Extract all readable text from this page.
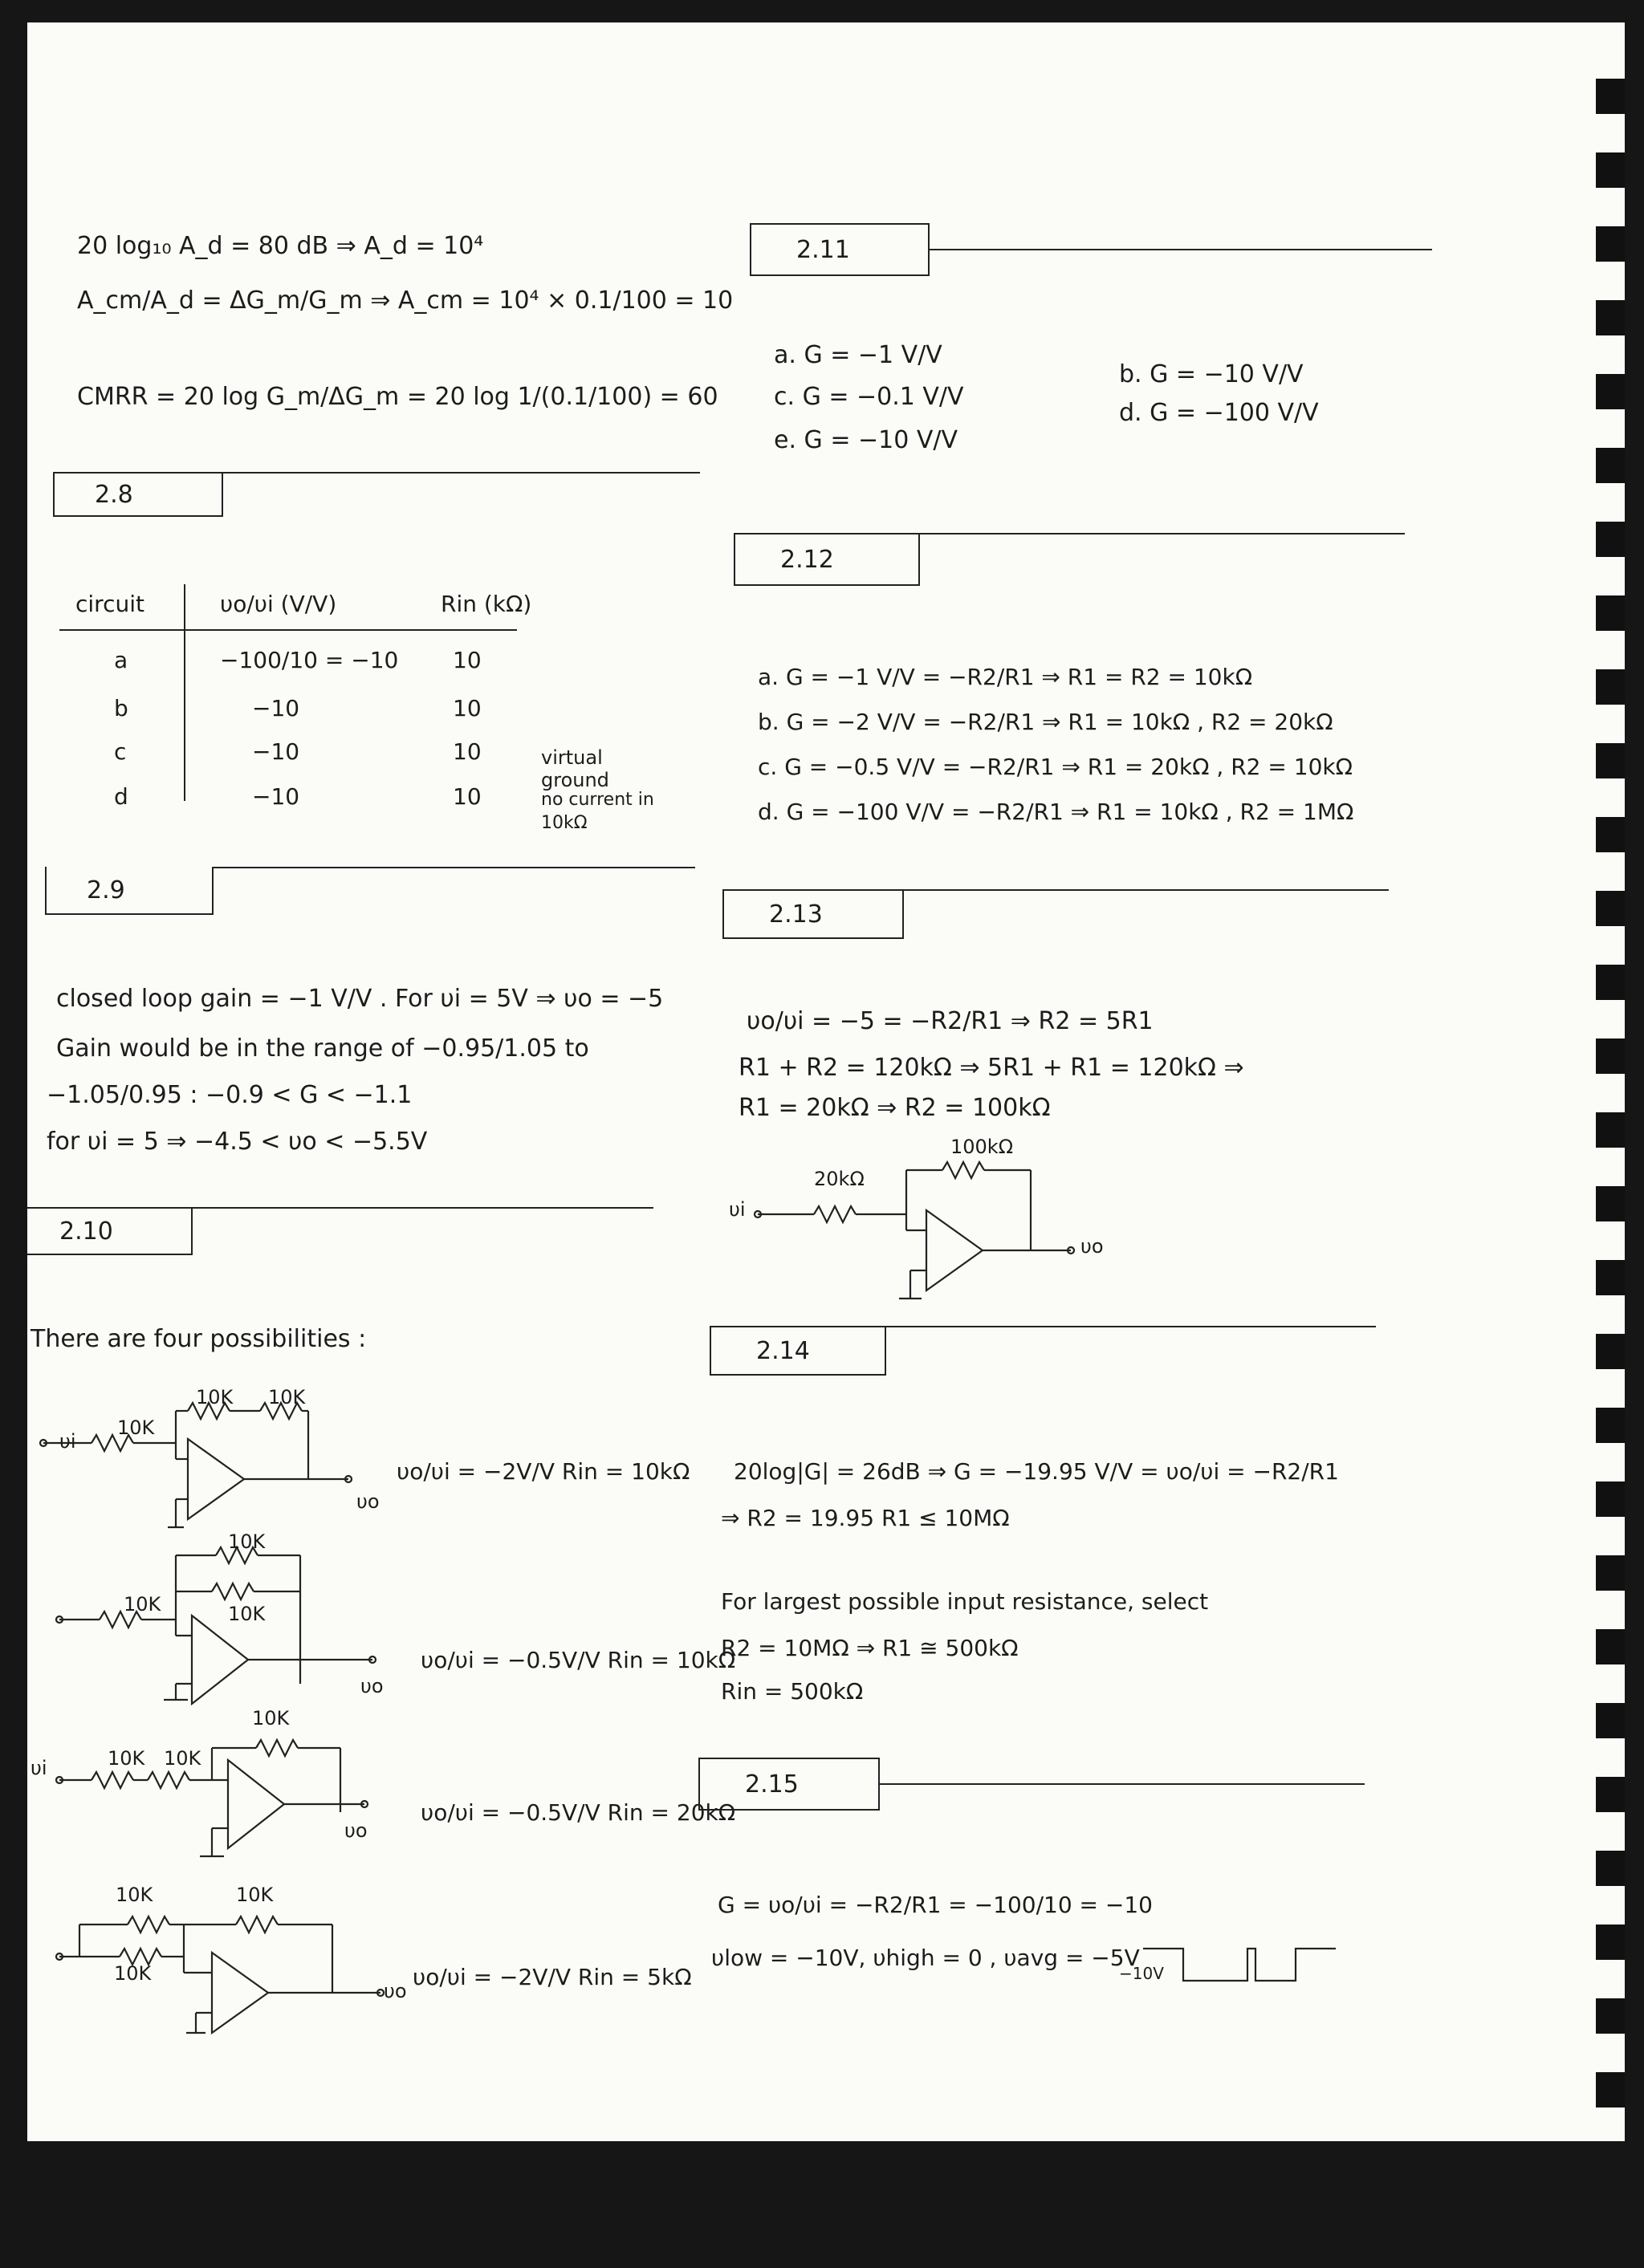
20 log₁₀ A_d = 80 dB ⇒ A_d = 10⁴
A_cm/A_d = ΔG_m/G_m ⇒ A_cm = 10⁴ × 0.1/100 = 10
CMRR = 20 log G_m/ΔG_m = 20 log 1/(0.1/100) = 60
2.8
circuit	υo/υi (V/V)	Rin (kΩ)
a	−100/10 = −10 10
b	−10	10
c	−10	10	virtual ground
d	−10	10	no current in 10kΩ
2.9
closed loop gain = −1 V/V . For υi = 5V ⇒ υo = −5
Gain would be in the range of −0.95/1.05 to
−1.05/0.95 : −0.9 < G < −1.1
for υi = 5 ⇒ −4.5 < υo < −5.5V
2.10
There are four possibilities :
υi
10K
10K 10K
υo
υo/υi = −2V/V Rin = 10kΩ
10K
10K
10K
υo
υo/υi = −0.5V/V Rin = 10kΩ
υi	10K 10K
10K
υo
υo/υi = −0.5V/V Rin = 20kΩ
10K
10K
10K
υo
υo/υi = −2V/V Rin = 5kΩ
2.11
a. G = −1 V/V
c. G = −0.1 V/V
e. G = −10 V/V
b. G = −10 V/V
d. G = −100 V/V
2.12
a. G = −1 V/V = −R2/R1 ⇒ R1 = R2 = 10kΩ
b. G = −2 V/V = −R2/R1 ⇒ R1 = 10kΩ , R2 = 20kΩ
c. G = −0.5 V/V = −R2/R1 ⇒ R1 = 20kΩ , R2 = 10kΩ
d. G = −100 V/V = −R2/R1 ⇒ R1 = 10kΩ , R2 = 1MΩ
2.13
υo/υi = −5 = −R2/R1 ⇒ R2 = 5R1
R1 + R2 = 120kΩ ⇒ 5R1 + R1 = 120kΩ ⇒
R1 = 20kΩ ⇒ R2 = 100kΩ
20kΩ
100kΩ
υi
υo
2.14
20log|G| = 26dB ⇒ G = −19.95 V/V = υo/υi = −R2/R1
⇒ R2 = 19.95 R1 ≤ 10MΩ
For largest possible input resistance, select
R2 = 10MΩ ⇒ R1 ≅ 500kΩ
Rin = 500kΩ
2.15
G = υo/υi = −R2/R1 = −100/10 = −10
υlow = −10V, υhigh = 0 , υavg = −5V
−10V
